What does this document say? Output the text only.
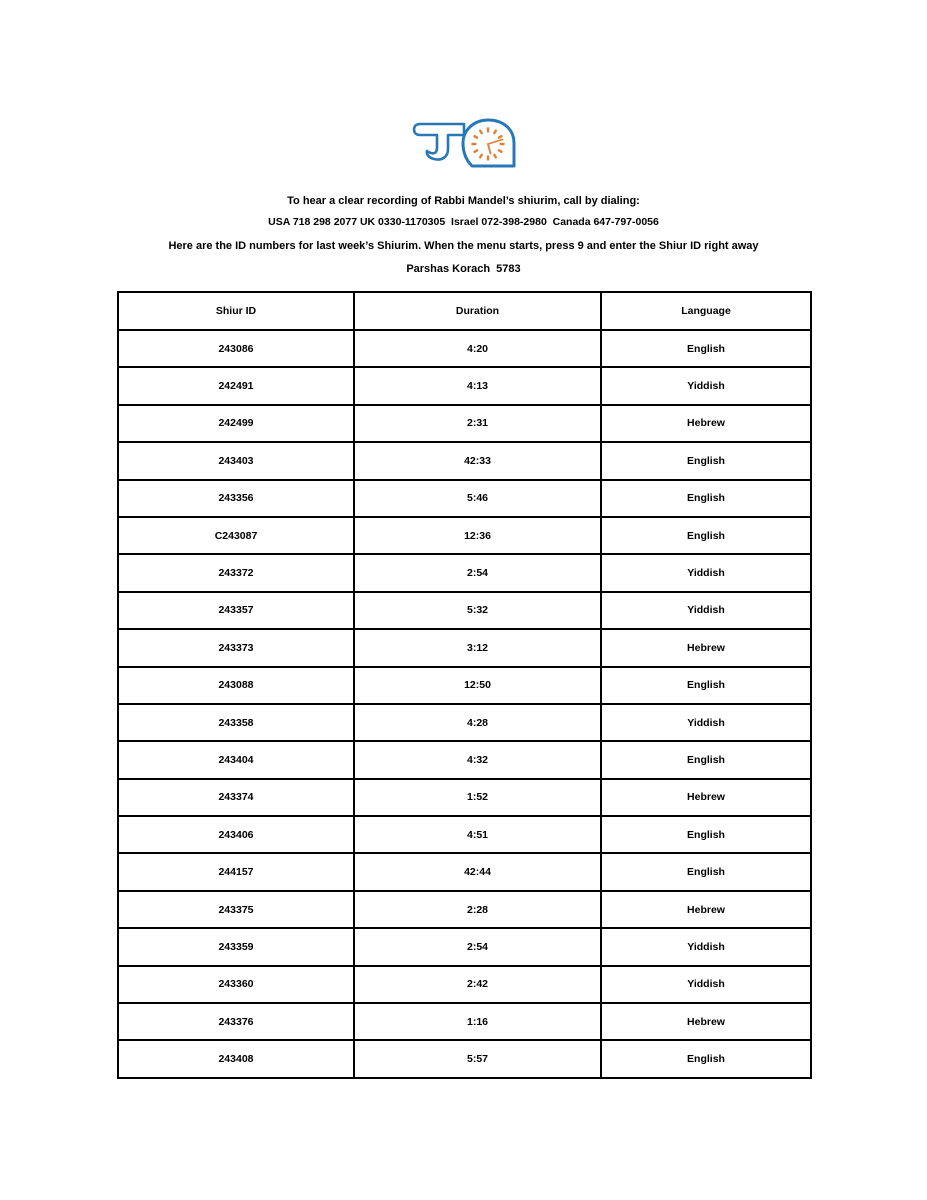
To hear a clear recording of Rabbi Mandel’s shiurim, call by dialing:
USA 718 298 2077 UK 0330-1170305  Israel 072-398-2980  Canada 647-797-0056
Here are the ID numbers for last week’s Shiurim. When the menu starts, press 9 and enter the Shiur ID right away
Parshas Korach  5783
Shiur ID	Duration	Language
243086	4:20	English
242491	4:13	Yiddish
242499	2:31	Hebrew
243403	42:33	English
243356	5:46	English
C243087	12:36	English
243372	2:54	Yiddish
243357	5:32	Yiddish
243373	3:12	Hebrew
243088	12:50	English
243358	4:28	Yiddish
243404	4:32	English
243374	1:52	Hebrew
243406	4:51	English
244157	42:44	English
243375	2:28	Hebrew
243359	2:54	Yiddish
243360	2:42	Yiddish
243376	1:16	Hebrew
243408	5:57	English
